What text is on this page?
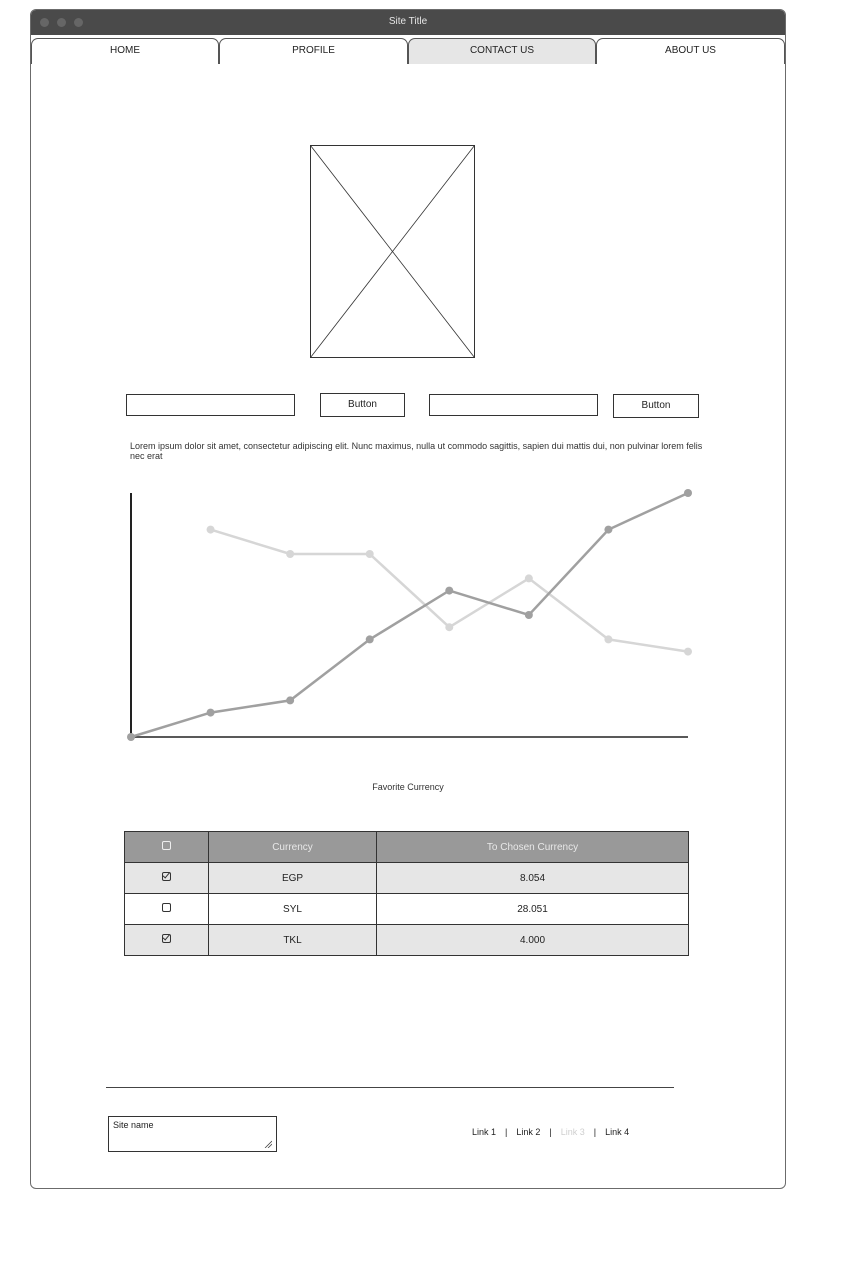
Site Title
HOME	PROFILE	CONTACT US	ABOUT US
Button	Button
Lorem ipsum dolor sit amet, consectetur adipiscing elit. Nunc maximus, nulla ut commodo sagittis, sapien dui mattis dui, non pulvinar lorem felis nec erat
Favorite Currency
	Currency	To Chosen Currency
	EGP	8.054
	SYL	28.051
	TKL	4.000
Site name
Link 1 | Link 2 | Link 3 | Link 4
